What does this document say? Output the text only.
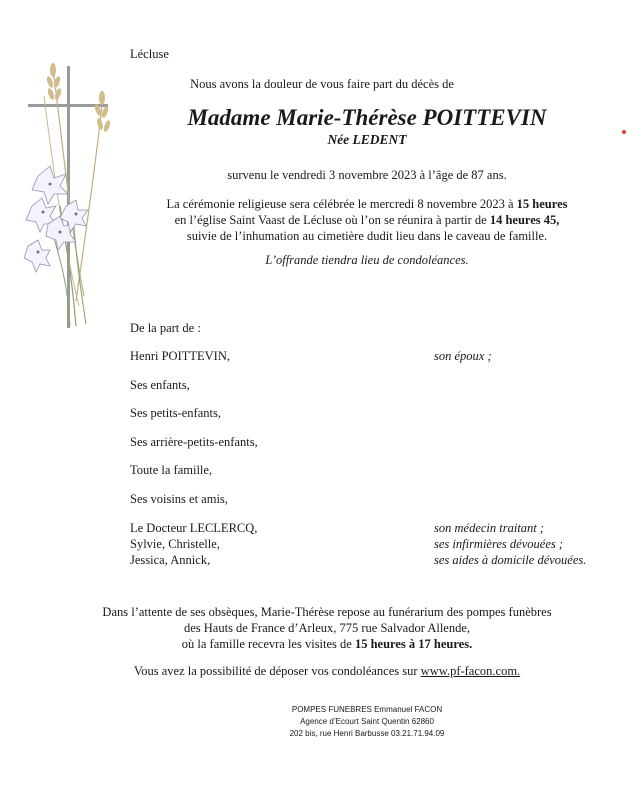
Lécluse
Nous avons la douleur de vous faire part du décès de
Madame Marie-Thérèse POITTEVIN
Née LEDENT
survenu le vendredi 3 novembre 2023 à l’âge de 87 ans.
La cérémonie religieuse sera célébrée le mercredi 8 novembre 2023 à 15 heures
en l’église Saint Vaast de Lécluse où l’on se réunira à partir de 14 heures 45,
suivie de l’inhumation au cimetière dudit lieu dans le caveau de famille.
L’offrande tiendra lieu de condoléances.
De la part de :
Henri POITTEVIN,	son époux ;
Ses enfants,
Ses petits-enfants,
Ses arrière-petits-enfants,
Toute la famille,
Ses voisins et amis,
Le Docteur LECLERCQ,
Sylvie, Christelle,
Jessica, Annick,
son médecin traitant ;
ses infirmières dévouées ;
ses aides à domicile dévouées.
Dans l’attente de ses obsèques, Marie-Thérèse repose au funérarium des pompes funèbres
des Hauts de France d’Arleux, 775 rue Salvador Allende,
où la famille recevra les visites de 15 heures à 17 heures.
Vous avez la possibilité de déposer vos condoléances sur www.pf-facon.com.
POMPES FUNEBRES Emmanuel FACON
Agence d’Ecourt Saint Quentin 62860
202 bis, rue Henri Barbusse 03.21.71.94.09
